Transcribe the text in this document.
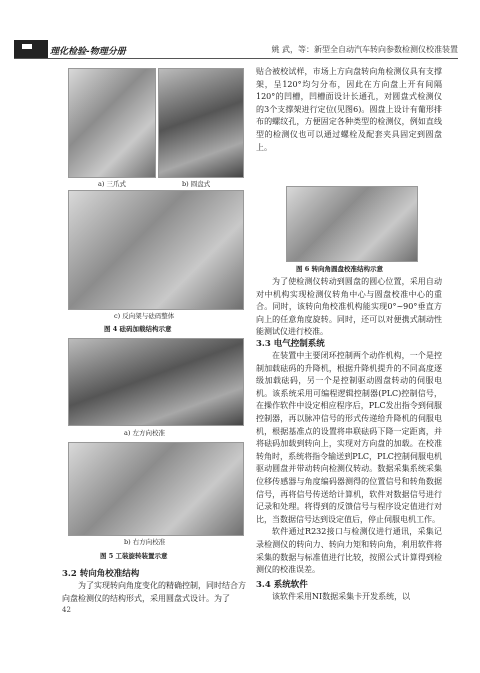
理化检验-物理分册	姚 武，等：新型全自动汽车转向参数检测仪校准装置
a) 三爪式	b) 圆盘式
c) 反向架与砝码整体
图 4 砝码加载结构示意
a) 左方向校准
b) 右方向校准
图 5 工装旋转装置示意
3.2 转向角校准结构

为了实现转向角度变化的精确控制，同时结合方向盘检测仪的结构形式，采用圆盘式设计。为了

42

贴合被校试样，市场上方向盘转向角检测仪具有支撑架，呈120°均匀分布，因此在方向盘上开有间隔120°的凹槽，凹槽面设计长通孔，对圆盘式检测仪的3个支撑架进行定位(见图6)。圆盘上设计有葡形排布的螺纹孔，方便固定各种类型的检测仪，例如直线型的检测仪也可以通过螺栓及配套夹具固定到圆盘上。

图 6 转向角圆盘校准结构示意

为了使检测仪转动到圆盘的圆心位置，采用自动对中机构实现检测仪转角中心与圆盘校准中心的重合。同时，该转向角校准机构能实现0°~90°垂直方向上的任意角度旋转。同时，还可以对便携式制动性能测试仪进行校准。

3.3 电气控制系统

在装置中主要闭环控制两个动作机构，一个是控制加载砝码的升降机，根据升降机提升的不同高度逐级加载砝码，另一个是控制驱动圆盘转动的伺服电机。该系统采用可编程逻辑控制器(PLC)控制信号，在操作软件中设定相应程序后，PLC发出指令到伺服控制器，再以脉冲信号的形式传递给升降机的伺服电机，根据基准点的设置将串联砝码下降一定距离，并将砝码加载到转向上，实现对方向盘的加载。在校准转角时，系统将指令输送到PLC，PLC控制伺服电机驱动圆盘并带动转向检测仪转动。数据采集系统采集位移传感器与角度编码器测得的位置信号和转角数据信号，再将信号传送给计算机，软件对数据信号进行记录和处理。将得到的反馈信号与程序设定值进行对比，当数据信号达到设定值后，停止伺服电机工作。

软件通过R232接口与检测仪进行通讯，采集记录检测仪的转向力、转向力矩和转向角，利用软件将采集的数据与标准值进行比较，按照公式计算得到检测仪的校准误差。

3.4 系统软件

该软件采用NI数据采集卡开发系统，以
